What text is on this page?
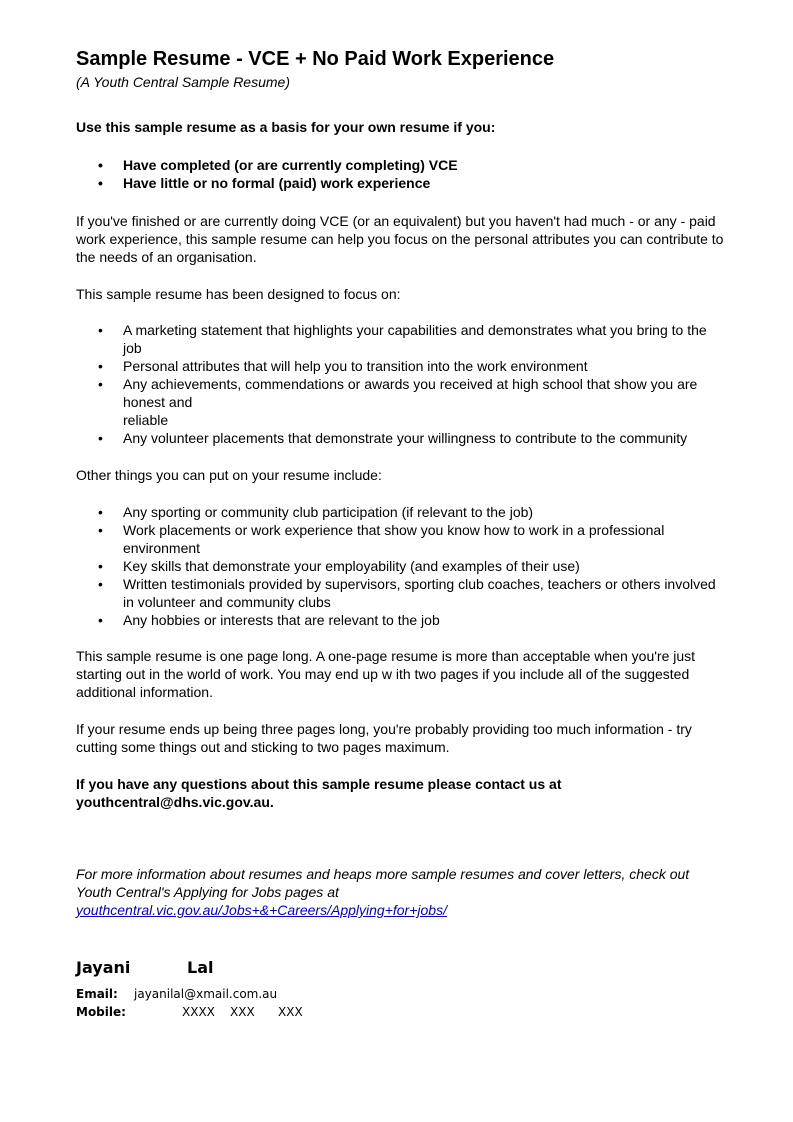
Sample Resume - VCE + No Paid Work Experience

(A Youth Central Sample Resume)

Use this sample resume as a basis for your own resume if you:

• Have completed (or are currently completing) VCE
• Have little or no formal (paid) work experience

If you've finished or are currently doing VCE (or an equivalent) but you haven't had much - or any - paid work experience, this sample resume can help you focus on the personal attributes you can contribute to the needs of an organisation.

This sample resume has been designed to focus on:

• A marketing statement that highlights your capabilities and demonstrates what you bring to the job
• Personal attributes that will help you to transition into the work environment
• Any achievements, commendations or awards you received at high school that show you are honest and
reliable
• Any volunteer placements that demonstrate your willingness to contribute to the community

Other things you can put on your resume include:

• Any sporting or community club participation (if relevant to the job)
• Work placements or work experience that show you know how to work in a professional environment
• Key skills that demonstrate your employability (and examples of their use)
• Written testimonials provided by supervisors, sporting club coaches, teachers or others involved in volunteer and community clubs
• Any hobbies or interests that are relevant to the job

This sample resume is one page long. A one-page resume is more than acceptable when you're just starting out in the world of work. You may end up w ith two pages if you include all of the suggested additional information.

If your resume ends up being three pages long, you're probably providing too much information - try cutting some things out and sticking to two pages maximum.

If you have any questions about this sample resume please contact us at youthcentral@dhs.vic.gov.au.

For more information about resumes and heaps more sample resumes and cover letters, check out Youth Central's Applying for Jobs pages at
youthcentral.vic.gov.au/Jobs+&+Careers/Applying+for+jobs/
Jayani	Lal
Email: jayanilal@xmail.com.au
Mobile:	XXXX XXX XXX
